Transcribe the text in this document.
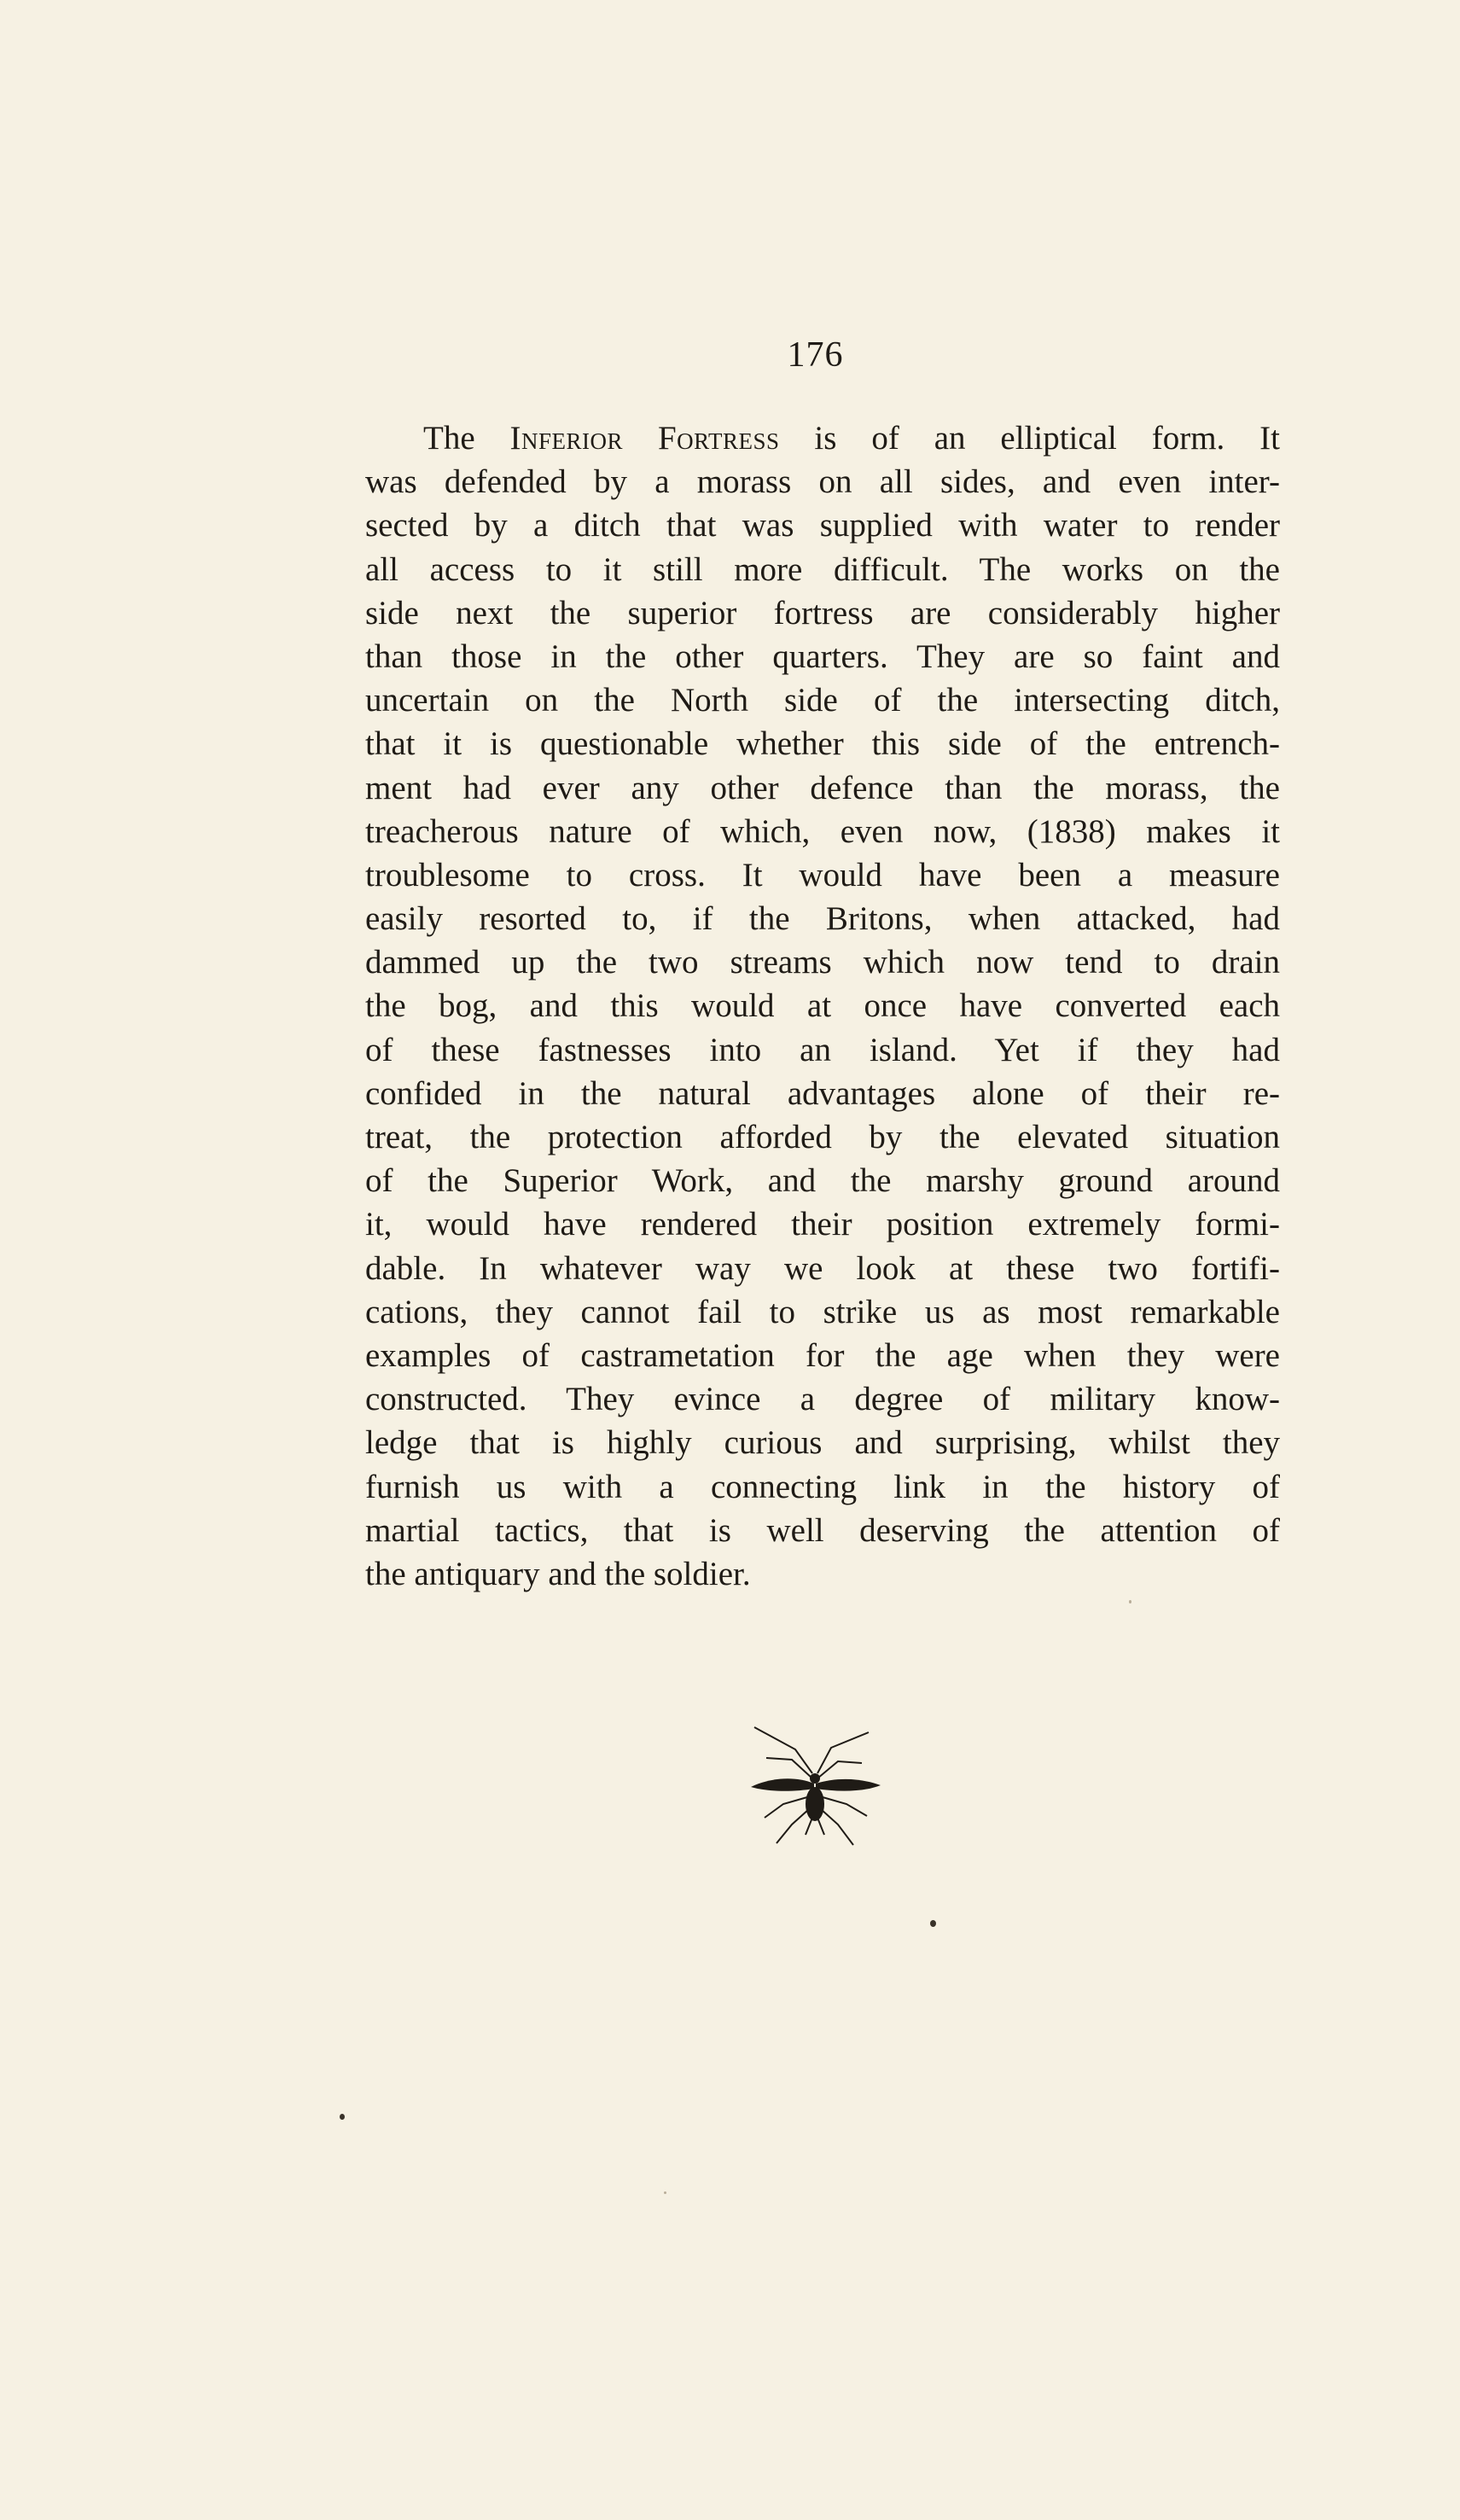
176
The Inferior Fortress is of an elliptical form. It
was defended by a morass on all sides, and even inter-
sected by a ditch that was supplied with water to render
all access to it still more difficult. The works on the
side next the superior fortress are considerably higher
than those in the other quarters. They are so faint and
uncertain on the North side of the intersecting ditch,
that it is questionable whether this side of the entrench-
ment had ever any other defence than the morass, the
treacherous nature of which, even now, (1838) makes it
troublesome to cross. It would have been a measure
easily resorted to, if the Britons, when attacked, had
dammed up the two streams which now tend to drain
the bog, and this would at once have converted each
of these fastnesses into an island. Yet if they had
confided in the natural advantages alone of their re-
treat, the protection afforded by the elevated situation
of the Superior Work, and the marshy ground around
it, would have rendered their position extremely formi-
dable. In whatever way we look at these two fortifi-
cations, they cannot fail to strike us as most remarkable
examples of castrametation for the age when they were
constructed. They evince a degree of military know-
ledge that is highly curious and surprising, whilst they
furnish us with a connecting link in the history of
martial tactics, that is well deserving the attention of
the antiquary and the soldier.
